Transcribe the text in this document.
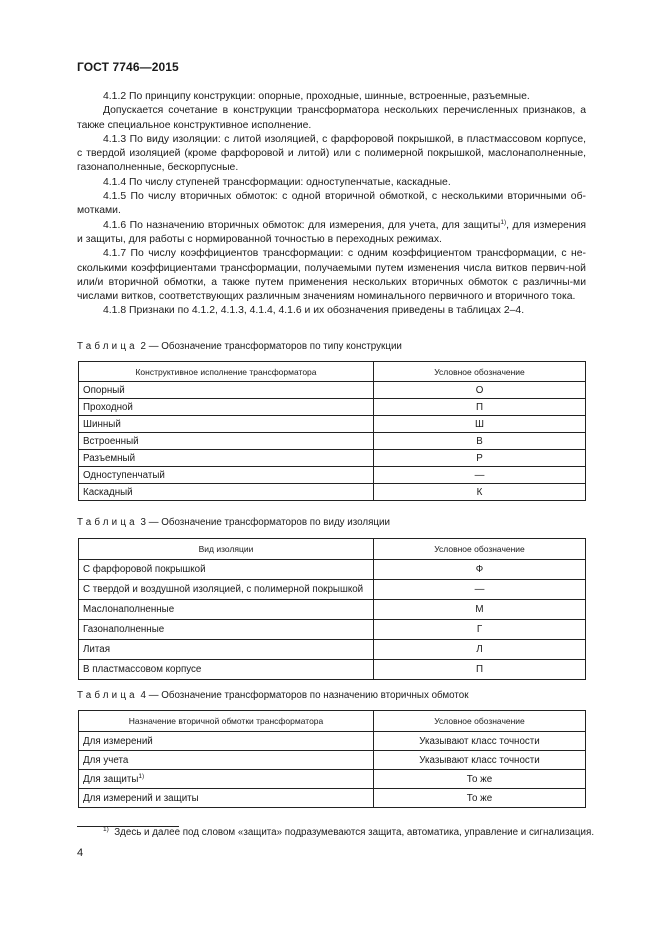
ГОСТ 7746—2015

4.1.2 По принципу конструкции: опорные, проходные, шинные, встроенные, разъемные.

Допускается сочетание в конструкции трансформатора нескольких перечисленных признаков, а также специальное конструктивное исполнение.

4.1.3 По виду изоляции: с литой изоляцией, с фарфоровой покрышкой, в пластмассовом корпусе, с твердой изоляцией (кроме фарфоровой и литой) или с полимерной покрышкой, маслонаполненные, газонаполненные, бескорпусные.

4.1.4 По числу ступеней трансформации: одноступенчатые, каскадные.

4.1.5 По числу вторичных обмоток: с одной вторичной обмоткой, с несколькими вторичными об-мотками.

4.1.6 По назначению вторичных обмоток: для измерения, для учета, для защиты$^{1)}$, для измерения и защиты, для работы с нормированной точностью в переходных режимах.

4.1.7 По числу коэффициентов трансформации: с одним коэффициентом трансформации, с не-сколькими коэффициентами трансформации, получаемыми путем изменения числа витков первич-ной или/и вторичной обмотки, а также путем применения нескольких вторичных обмоток с различны-ми числами витков, соответствующих различным значениям номинального первичного и вторичного тока.

4.1.8 Признаки по 4.1.2, 4.1.3, 4.1.4, 4.1.6 и их обозначения приведены в таблицах 2–4.

Таблица 2 — Обозначение трансформаторов по типу конструкции
Конструктивное исполнение трансформатора	Условное обозначение
Опорный	О
Проходной	П
Шинный	Ш
Встроенный	В
Разъемный	Р
Одноступенчатый	—
Каскадный	К
Таблица 3 — Обозначение трансформаторов по виду изоляции
Вид изоляции	Условное обозначение
С фарфоровой покрышкой	Ф
С твердой и воздушной изоляцией, с полимерной покрышкой	—
Маслонаполненные	М
Газонаполненные	Г
Литая	Л
В пластмассовом корпусе	П
Таблица 4 — Обозначение трансформаторов по назначению вторичных обмоток
Назначение вторичной обмотки трансформатора	Условное обозначение
Для измерений	Указывают класс точности
Для учета	Указывают класс точности
Для защиты$^{1)}$	То же
Для измерений и защиты	То же
$^{1)}$ Здесь и далее под словом «защита» подразумеваются защита, автоматика, управление и сигнализация.
4
